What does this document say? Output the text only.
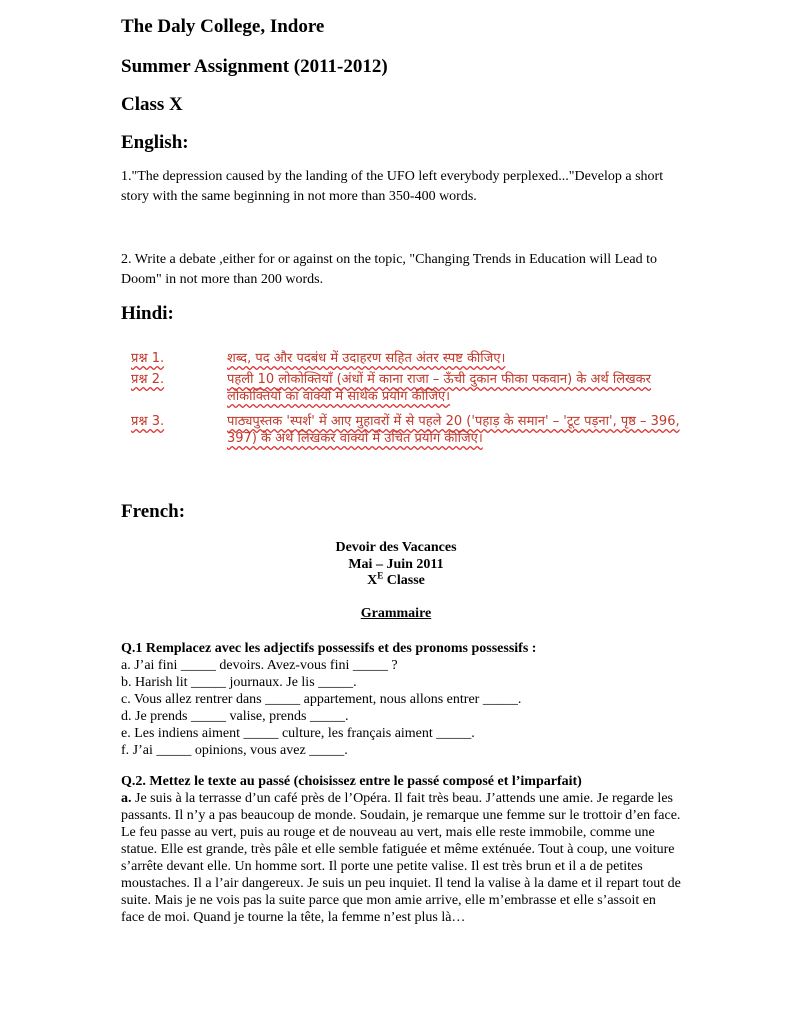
The Daly College, Indore
Summer Assignment (2011-2012)
Class X
English:

1."The depression caused by the landing of the UFO left everybody perplexed..."Develop a short story with the same beginning in not more than 350-400 words.

2. Write a debate ,either for or against on the topic, "Changing Trends in Education will Lead to Doom" in not more than 200 words.

Hindi:
प्रश्न 1.	शब्द, पद और पदबंध में उदाहरण सहित अंतर स्पष्ट कीजिए।
प्रश्न 2.	पहली 10 लोकोक्तियाँ (अंधों में काना राजा – ऊँची दुकान फीका पकवान) के अर्थ लिखकर लोकोक्तियों का वाक्यों में सार्थक प्रयोग कीजिए।
प्रश्न 3.	पाठ्यपुस्तक 'स्पर्श' में आए मुहावरों में से पहले 20 ('पहाड़ के समान' – 'टूट पड़ना', पृष्ठ – 396, 397) के अर्थ लिखकर वाक्यों में उचित प्रयोग कीजिए।
French:
Devoir des Vacances
Mai – Juin 2011
$X^E$ Classe
Grammaire
Q.1 Remplacez avec les adjectifs possessifs et des pronoms possessifs :
a. J’ai fini _____ devoirs. Avez-vous fini _____ ?
b. Harish lit _____ journaux. Je lis _____.
c. Vous allez rentrer dans _____ appartement, nous allons entrer _____.
d. Je prends _____ valise, prends _____.
e. Les indiens aiment _____ culture, les français aiment _____.
f. J’ai _____ opinions, vous avez _____.
Q.2. Mettez le texte au passé (choisissez entre le passé composé et l’imparfait)
a. Je suis à la terrasse d’un café près de l’Opéra. Il fait très beau. J’attends une amie. Je regarde les passants. Il n’y a pas beaucoup de monde. Soudain, je remarque une femme sur le trottoir d’en face. Le feu passe au vert, puis au rouge et de nouveau au vert, mais elle reste immobile, comme une statue. Elle est grande, très pâle et elle semble fatiguée et même exténuée. Tout à coup, une voiture s’arrête devant elle. Un homme sort. Il porte une petite valise. Il est très brun et il a de petites moustaches. Il a l’air dangereux. Je suis un peu inquiet. Il tend la valise à la dame et il repart tout de suite. Mais je ne vois pas la suite parce que mon amie arrive, elle m’embrasse et elle s’assoit en face de moi. Quand je tourne la tête, la femme n’est plus là…
